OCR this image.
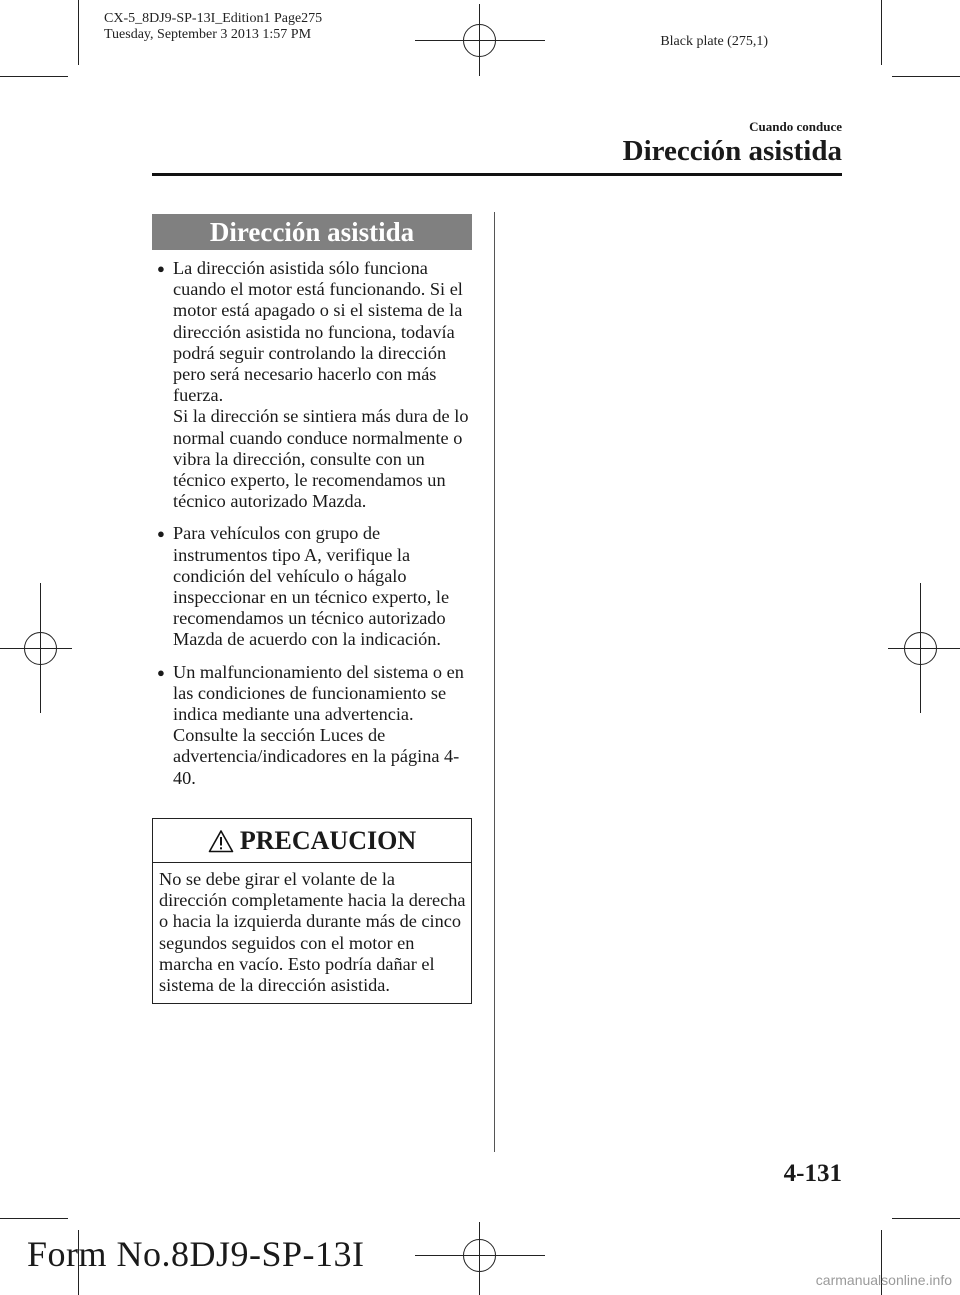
CX-5_8DJ9-SP-13I_Edition1 Page275
Tuesday, September 3 2013 1:57 PM	Black plate (275,1)
Cuando conduce
Dirección asistida
Dirección asistida
● La dirección asistida sólo funciona cuando el motor está funcionando. Si el motor está apagado o si el sistema de la dirección asistida no funciona, todavía podrá seguir controlando la dirección pero será necesario hacerlo con más fuerza.
Si la dirección se sintiera más dura de lo normal cuando conduce normalmente o vibra la dirección, consulte con un técnico experto, le recomendamos un técnico autorizado Mazda.
● Para vehículos con grupo de instrumentos tipo A, verifique la condición del vehículo o hágalo inspeccionar en un técnico experto, le recomendamos un técnico autorizado Mazda de acuerdo con la indicación.
● Un malfuncionamiento del sistema o en las condiciones de funcionamiento se indica mediante una advertencia. Consulte la sección Luces de advertencia/indicadores en la página 4-40.
PRECAUCION
No se debe girar el volante de la dirección completamente hacia la derecha o hacia la izquierda durante más de cinco segundos seguidos con el motor en marcha en vacío. Esto podría dañar el sistema de la dirección asistida.
4-131
Form No.8DJ9-SP-13I
carmanualsonline.info
